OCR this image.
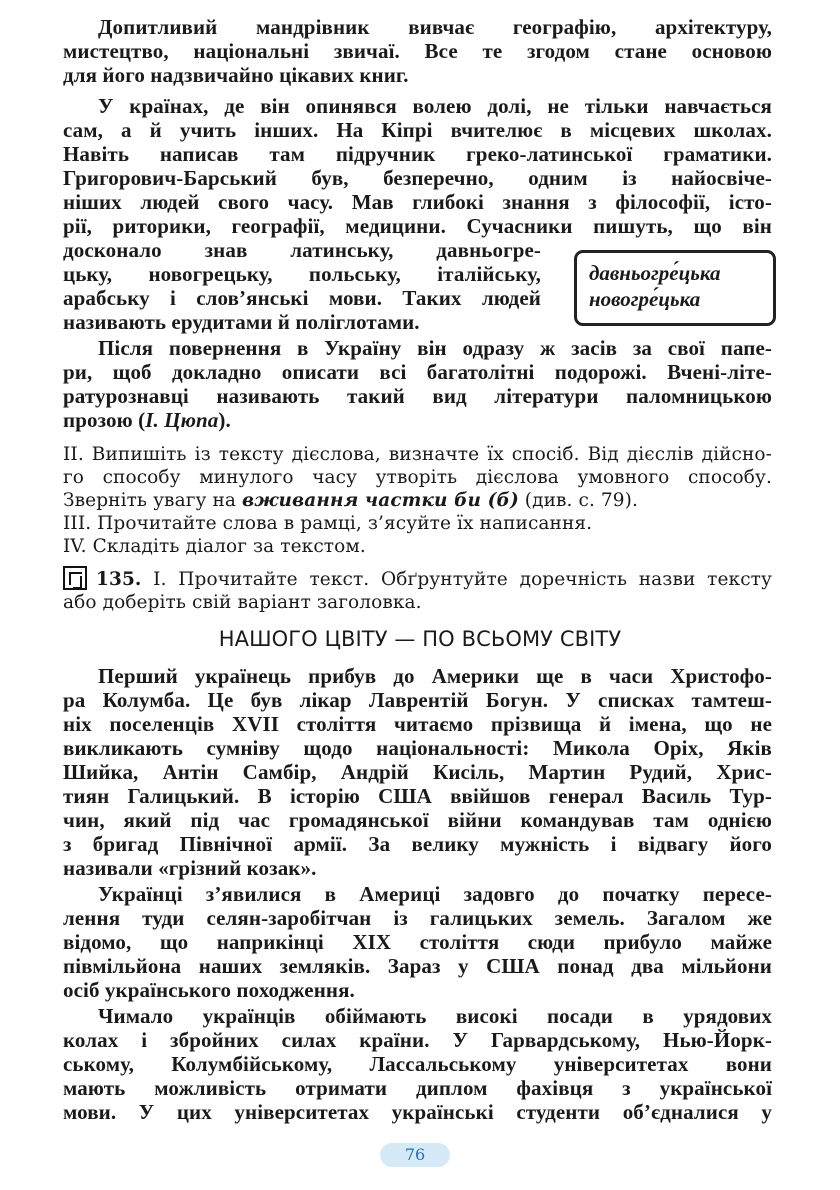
Допитливий мандрівник вивчає географію, архітектуру,
мистецтво, національні звичаї. Все те згодом стане основою
для його надзвичайно цікавих книг.
У країнах, де він опинявся волею долі, не тільки навчається
сам, а й учить інших. На Кіпрі вчителює в місцевих школах.
Навіть написав там підручник греко-латинської граматики.
Григорович-Барський був, безперечно, одним із найосвіче-
ніших людей свого часу. Мав глибокі знання з філософії, істо-
рії, риторики, географії, медицини. Сучасники пишуть, що він
досконало знав латинську, давньогре-
цьку, новогрецьку, польську, італійську,
арабську і слов’янські мови. Таких людей
називають ерудитами й поліглотами.
давньогре́цька
новогре́цька
Після повернення в Україну він одразу ж засів за свої папе-
ри, щоб докладно описати всі багатолітні подорожі. Вчені-літе-
ратурознавці називають такий вид літератури паломницькою
прозою (І. Цюпа).
ІІ. Випишіть із тексту дієслова, визначте їх спосіб. Від дієслів дійсно-
го способу минулого часу утворіть дієслова умовного способу.
Зверніть увагу на вживання частки би (б) (див. с. 79).
ІІІ. Прочитайте слова в рамці, з’ясуйте їх написання.
IV. Складіть діалог за текстом.
135. І. Прочитайте текст. Обґрунтуйте доречність назви тексту
або доберіть свій варіант заголовка.
НАШОГО ЦВІТУ — ПО ВСЬОМУ СВІТУ
Перший українець прибув до Америки ще в часи Христофо-
ра Колумба. Це був лікар Лаврентій Богун. У списках тамтеш-
ніх поселенців XVII століття читаємо прізвища й імена, що не
викликають сумніву щодо національності: Микола Оріх, Яків
Шийка, Антін Самбір, Андрій Кисіль, Мартин Рудий, Хрис-
тиян Галицький. В історію США ввійшов генерал Василь Тур-
чин, який під час громадянської війни командував там однією
з бригад Північної армії. За велику мужність і відвагу його
називали «грізний козак».
Українці з’явилися в Америці задовго до початку пересе-
лення туди селян-заробітчан із галицьких земель. Загалом же
відомо, що наприкінці XIX століття сюди прибуло майже
півмільйона наших земляків. Зараз у США понад два мільйони
осіб українського походження.
Чимало українців обіймають високі посади в урядових
колах і збройних силах країни. У Гарвардському, Нью-Йорк-
ському, Колумбійському, Лассальському університетах вони
мають можливість отримати диплом фахівця з української
мови. У цих університетах українські студенти об’єдналися у
76
